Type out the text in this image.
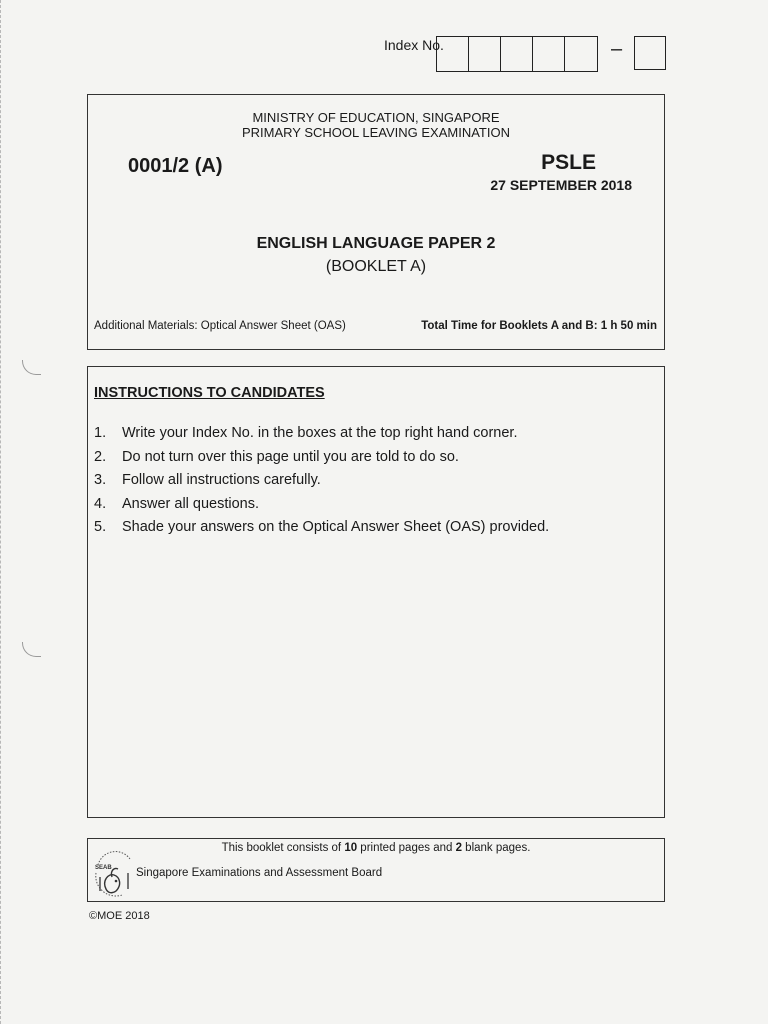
Index No.	–
MINISTRY OF EDUCATION, SINGAPORE
PRIMARY SCHOOL LEAVING EXAMINATION
0001/2 (A)	PSLE
27 SEPTEMBER 2018
ENGLISH LANGUAGE PAPER 2
(BOOKLET A)
Additional Materials: Optical Answer Sheet (OAS)	Total Time for Booklets A and B: 1 h 50 min
INSTRUCTIONS TO CANDIDATES
1.	Write your Index No. in the boxes at the top right hand corner.
2.	Do not turn over this page until you are told to do so.
3.	Follow all instructions carefully.
4.	Answer all questions.
5.	Shade your answers on the Optical Answer Sheet (OAS) provided.
This booklet consists of 10 printed pages and 2 blank pages.
SEAB Singapore Examinations and Assessment Board
©MOE 2018
